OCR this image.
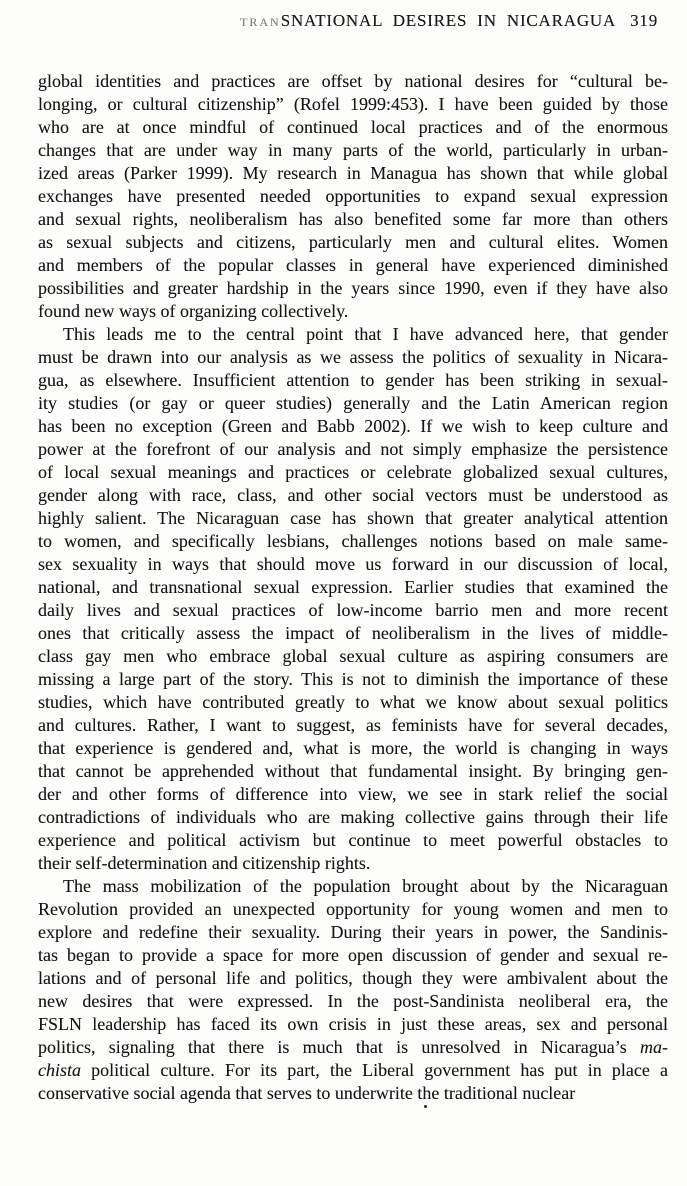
TRANSNATIONAL DESIRES IN NICARAGUA 319
global identities and practices are offset by national desires for “cultural be-
longing, or cultural citizenship” (Rofel 1999:453). I have been guided by those
who are at once mindful of continued local practices and of the enormous
changes that are under way in many parts of the world, particularly in urban-
ized areas (Parker 1999). My research in Managua has shown that while global
exchanges have presented needed opportunities to expand sexual expression
and sexual rights, neoliberalism has also benefited some far more than others
as sexual subjects and citizens, particularly men and cultural elites. Women
and members of the popular classes in general have experienced diminished
possibilities and greater hardship in the years since 1990, even if they have also
found new ways of organizing collectively.
This leads me to the central point that I have advanced here, that gender
must be drawn into our analysis as we assess the politics of sexuality in Nicara-
gua, as elsewhere. Insufficient attention to gender has been striking in sexual-
ity studies (or gay or queer studies) generally and the Latin American region
has been no exception (Green and Babb 2002). If we wish to keep culture and
power at the forefront of our analysis and not simply emphasize the persistence
of local sexual meanings and practices or celebrate globalized sexual cultures,
gender along with race, class, and other social vectors must be understood as
highly salient. The Nicaraguan case has shown that greater analytical attention
to women, and specifically lesbians, challenges notions based on male same-
sex sexuality in ways that should move us forward in our discussion of local,
national, and transnational sexual expression. Earlier studies that examined the
daily lives and sexual practices of low-income barrio men and more recent
ones that critically assess the impact of neoliberalism in the lives of middle-
class gay men who embrace global sexual culture as aspiring consumers are
missing a large part of the story. This is not to diminish the importance of these
studies, which have contributed greatly to what we know about sexual politics
and cultures. Rather, I want to suggest, as feminists have for several decades,
that experience is gendered and, what is more, the world is changing in ways
that cannot be apprehended without that fundamental insight. By bringing gen-
der and other forms of difference into view, we see in stark relief the social
contradictions of individuals who are making collective gains through their life
experience and political activism but continue to meet powerful obstacles to
their self-determination and citizenship rights.
The mass mobilization of the population brought about by the Nicaraguan
Revolution provided an unexpected opportunity for young women and men to
explore and redefine their sexuality. During their years in power, the Sandinis-
tas began to provide a space for more open discussion of gender and sexual re-
lations and of personal life and politics, though they were ambivalent about the
new desires that were expressed. In the post-Sandinista neoliberal era, the
FSLN leadership has faced its own crisis in just these areas, sex and personal
politics, signaling that there is much that is unresolved in Nicaragua’s ma-
chista political culture. For its part, the Liberal government has put in place a
conservative social agenda that serves to underwrite the traditional nuclear
